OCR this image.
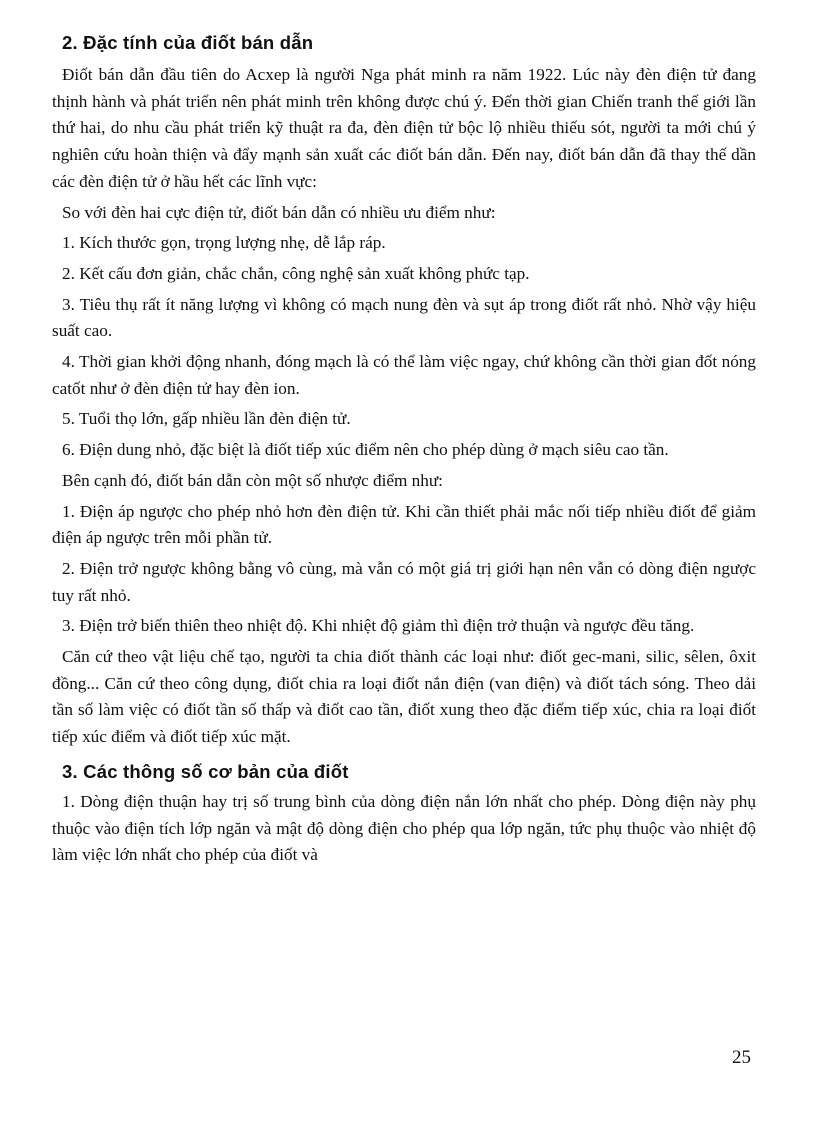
2. Đặc tính của điốt bán dẫn

Điốt bán dẫn đầu tiên do Acxep là người Nga phát minh ra năm 1922. Lúc này đèn điện tử đang thịnh hành và phát triển nên phát minh trên không được chú ý. Đến thời gian Chiến tranh thế giới lần thứ hai, do nhu cầu phát triển kỹ thuật ra đa, đèn điện tử bộc lộ nhiều thiếu sót, người ta mới chú ý nghiên cứu hoàn thiện và đẩy mạnh sản xuất các điốt bán dẫn. Đến nay, điốt bán dẫn đã thay thế dần các đèn điện tử ở hầu hết các lĩnh vực:

So với đèn hai cực điện tử, điốt bán dẫn có nhiều ưu điểm như:

1. Kích thước gọn, trọng lượng nhẹ, dễ lắp ráp.

2. Kết cấu đơn giản, chắc chắn, công nghệ sản xuất không phức tạp.

3. Tiêu thụ rất ít năng lượng vì không có mạch nung đèn và sụt áp trong điốt rất nhỏ. Nhờ vậy hiệu suất cao.

4. Thời gian khởi động nhanh, đóng mạch là có thể làm việc ngay, chứ không cần thời gian đốt nóng catốt như ở đèn điện tử hay đèn ion.

5. Tuổi thọ lớn, gấp nhiều lần đèn điện tử.

6. Điện dung nhỏ, đặc biệt là điốt tiếp xúc điểm nên cho phép dùng ở mạch siêu cao tần.

Bên cạnh đó, điốt bán dẫn còn một số nhược điểm như:

1. Điện áp ngược cho phép nhỏ hơn đèn điện tử. Khi cần thiết phải mắc nối tiếp nhiều điốt để giảm điện áp ngược trên mỗi phần tử.

2. Điện trở ngược không bằng vô cùng, mà vẫn có một giá trị giới hạn nên vẫn có dòng điện ngược tuy rất nhỏ.

3. Điện trở biến thiên theo nhiệt độ. Khi nhiệt độ giảm thì điện trở thuận và ngược đều tăng.

Căn cứ theo vật liệu chế tạo, người ta chia điốt thành các loại như: điốt gec-mani, silic, sêlen, ôxit đồng... Căn cứ theo công dụng, điốt chia ra loại điốt nắn điện (van điện) và điốt tách sóng. Theo dải tần số làm việc có điốt tần số thấp và điốt cao tần, điốt xung theo đặc điểm tiếp xúc, chia ra loại điốt tiếp xúc điểm và điốt tiếp xúc mặt.

3. Các thông số cơ bản của điốt

1. Dòng điện thuận hay trị số trung bình của dòng điện nắn lớn nhất cho phép. Dòng điện này phụ thuộc vào điện tích lớp ngăn và mật độ dòng điện cho phép qua lớp ngăn, tức phụ thuộc vào nhiệt độ làm việc lớn nhất cho phép của điốt và

25
